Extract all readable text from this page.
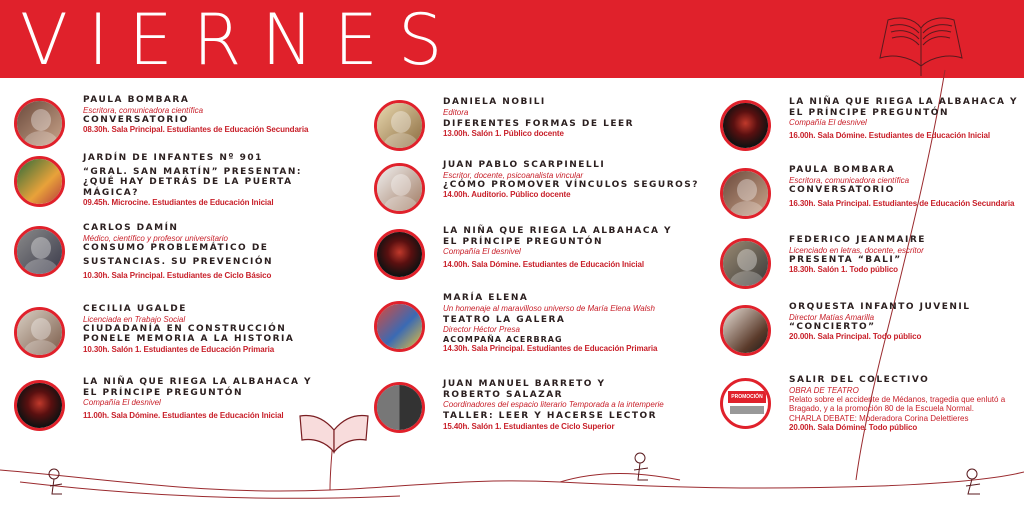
VIERNES
PAULA BOMBARA
Escritora, comunicadora científica
CONVERSATORIO
08.30h. Sala Principal. Estudiantes de Educación Secundaria
JARDÍN DE INFANTES Nº 901
“GRAL. SAN MARTÍN” PRESENTAN:
¿QUÉ HAY DETRÁS DE LA PUERTA MÁGICA?
09.45h. Microcine. Estudiantes de Educación Inicial
CARLOS DAMÍN
Médico, científico y profesor universitario
CONSUMO PROBLEMÁTICO DE
SUSTANCIAS. SU PREVENCIÓN
10.30h. Sala Principal. Estudiantes de Ciclo Básico
CECILIA UGALDE
Licenciada en Trabajo Social
CIUDADANÍA EN CONSTRUCCIÓN
PONELE MEMORIA A LA HISTORIA
10.30h. Salón 1. Estudiantes de Educación Primaria
LA NIÑA QUE RIEGA LA ALBAHACA Y
EL PRÍNCIPE PREGUNTÓN
Compañía El desnivel
11.00h. Sala Dómine. Estudiantes de Educación Inicial
DANIELA NOBILI
Editora
DIFERENTES FORMAS DE LEER
13.00h. Salón 1. Público docente
JUAN PABLO SCARPINELLI
Escritor, docente, psicoanalista vincular
¿CÓMO PROMOVER VÍNCULOS SEGUROS?
14.00h. Auditorio. Público docente
LA NIÑA QUE RIEGA LA ALBAHACA Y
EL PRÍNCIPE PREGUNTÓN
Compañía El desnivel
14.00h. Sala Dómine. Estudiantes de Educación Inicial
MARÍA ELENA
Un homenaje al maravilloso universo de María Elena Walsh
TEATRO LA GALERA
Director Héctor Presa
ACOMPAÑA ACERBRAG
14.30h. Sala Principal. Estudiantes de Educación Primaria
JUAN MANUEL BARRETO Y
ROBERTO SALAZAR
Coordinadores del espacio literario Temporada a la intemperie
TALLER: LEER Y HACERSE LECTOR
15.40h. Salón 1. Estudiantes de Ciclo Superior
LA NIÑA QUE RIEGA LA ALBAHACA Y
EL PRÍNCIPE PREGUNTÓN
Compañía El desnivel
16.00h. Sala Dómine. Estudiantes de Educación Inicial
PAULA BOMBARA
Escritora, comunicadora científica
CONVERSATORIO
16.30h. Sala Principal. Estudiantes de Educación Secundaria
FEDERICO JEANMAIRE
Licenciado en letras, docente, escritor
PRESENTA “BALI”
18.30h. Salón 1. Todo público
ORQUESTA INFANTO JUVENIL
Director Matías Amarilla
“CONCIERTO”
20.00h. Sala Principal. Todo público
PROMOCIÓN
SALIR DEL COLECTIVO
OBRA DE TEATRO
Relato sobre el accidente de Médanos, tragedia que enlutó a
Bragado, y a la promoción 80 de la Escuela Normal.
CHARLA DEBATE: Moderadora Corina Delettieres
20.00h. Sala Dómine. Todo público
